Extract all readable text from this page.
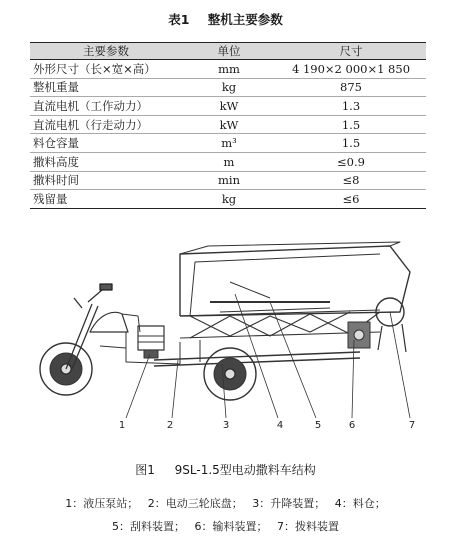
表1 整机主要参数
主要参数	单位	尺寸
外形尺寸（长×宽×高）	mm	4 190×2 000×1 850
整机重量	kg	875
直流电机（工作动力）	kW	1.3
直流电机（行走动力）	kW	1.5
料仓容量	m³	1.5
撒料高度	m	≤0.9
撒料时间	min	≤8
残留量	kg	≤6
1	2	3	4	5	6	7
图1 9SL-1.5型电动撒料车结构
1：液压泵站； 2：电动三轮底盘； 3：升降装置； 4：料仓；
5：刮料装置； 6：输料装置； 7：拨料装置
